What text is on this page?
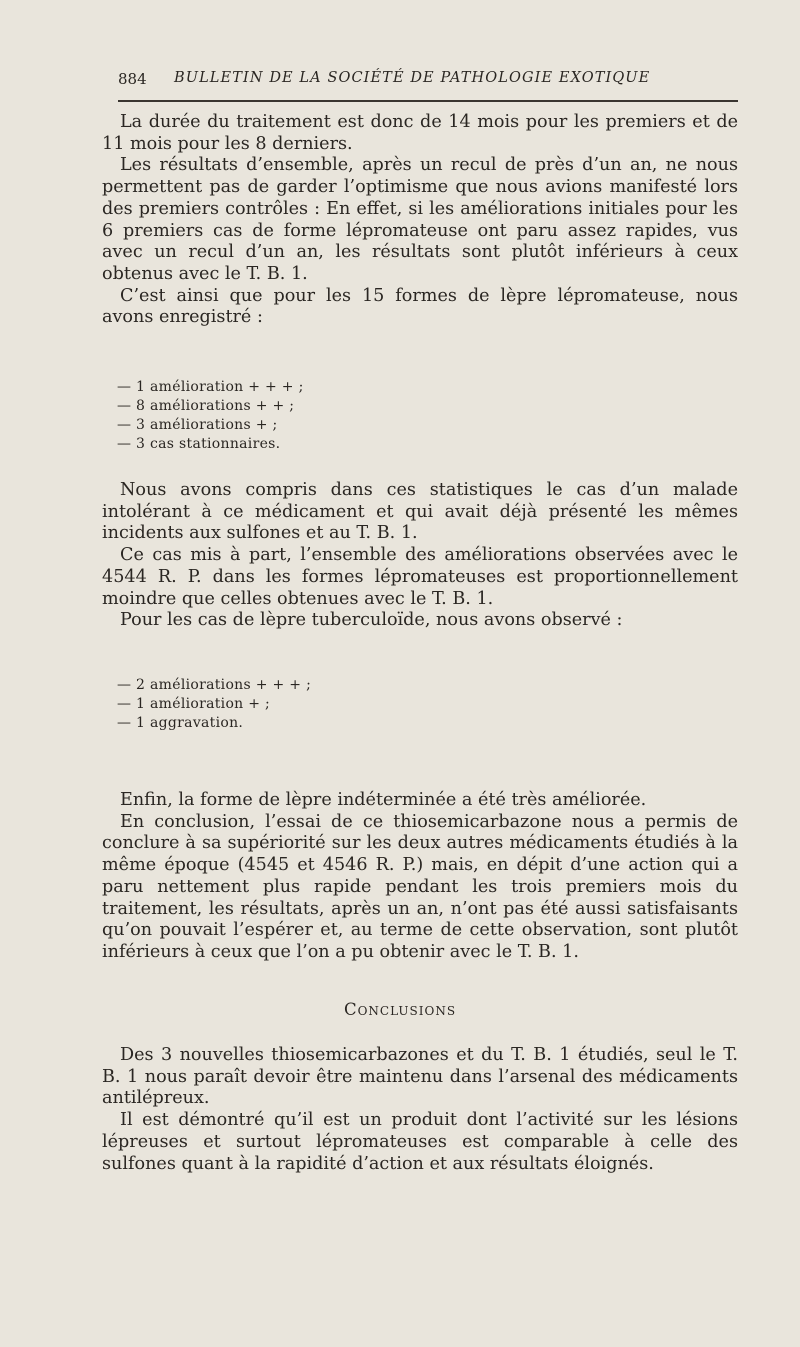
884 BULLETIN DE LA SOCIÉTÉ DE PATHOLOGIE EXOTIQUE

La durée du traitement est donc de 14 mois pour les premiers et de 11 mois pour les 8 derniers.

Les résultats d’ensemble, après un recul de près d’un an, ne nous permettent pas de garder l’optimisme que nous avions manifesté lors des premiers contrôles : En effet, si les améliorations initiales pour les 6 premiers cas de forme lépromateuse ont paru assez rapides, vus avec un recul d’un an, les résultats sont plutôt inférieurs à ceux obtenus avec le T. B. 1.

C’est ainsi que pour les 15 formes de lèpre lépromateuse, nous avons enregistré :

— 1 amélioration + + + ;
— 8 améliorations + + ;
— 3 améliorations + ;
— 3 cas stationnaires.

Nous avons compris dans ces statistiques le cas d’un malade intolérant à ce médicament et qui avait déjà présenté les mêmes incidents aux sulfones et au T. B. 1.

Ce cas mis à part, l’ensemble des améliorations observées avec le 4544 R. P. dans les formes lépromateuses est proportionnellement moindre que celles obtenues avec le T. B. 1.

Pour les cas de lèpre tuberculoïde, nous avons observé :

— 2 améliorations + + + ;
— 1 amélioration + ;
— 1 aggravation.

Enfin, la forme de lèpre indéterminée a été très améliorée.

En conclusion, l’essai de ce thiosemicarbazone nous a permis de conclure à sa supériorité sur les deux autres médicaments étudiés à la même époque (4545 et 4546 R. P.) mais, en dépit d’une action qui a paru nettement plus rapide pendant les trois premiers mois du traitement, les résultats, après un an, n’ont pas été aussi satisfaisants qu’on pouvait l’espérer et, au terme de cette observation, sont plutôt inférieurs à ceux que l’on a pu obtenir avec le T. B. 1.

Conclusions

Des 3 nouvelles thiosemicarbazones et du T. B. 1 étudiés, seul le T. B. 1 nous paraît devoir être maintenu dans l’arsenal des médicaments antilépreux.

Il est démontré qu’il est un produit dont l’activité sur les lésions lépreuses et surtout lépromateuses est comparable à celle des sulfones quant à la rapidité d’action et aux résultats éloignés.
